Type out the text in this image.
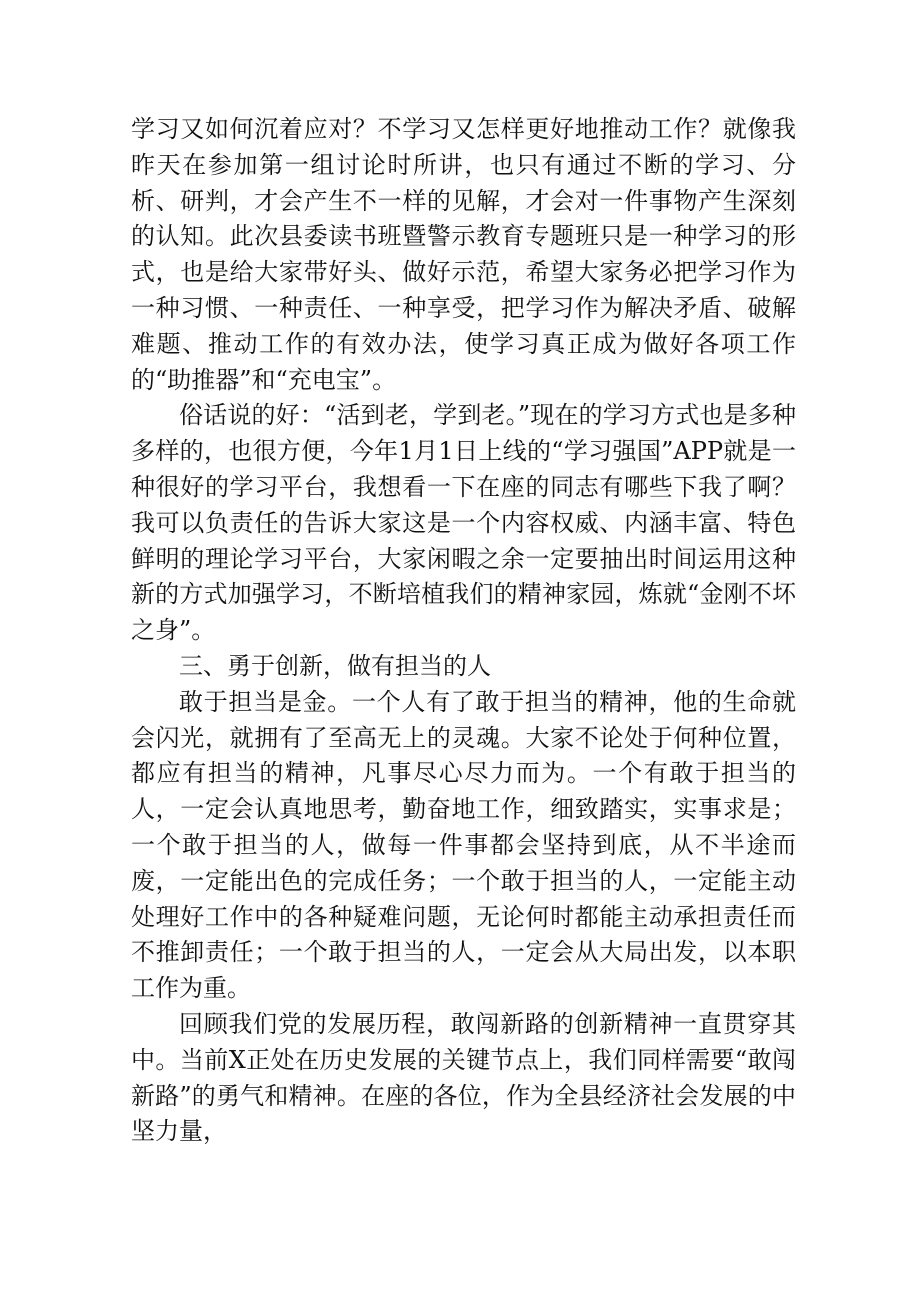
学习又如何沉着应对？不学习又怎样更好地推动工作？就像我昨天在参加第一组讨论时所讲，也只有通过不断的学习、分析、研判，才会产生不一样的见解，才会对一件事物产生深刻的认知。此次县委读书班暨警示教育专题班只是一种学习的形式，也是给大家带好头、做好示范，希望大家务必把学习作为一种习惯、一种责任、一种享受，把学习作为解决矛盾、破解难题、推动工作的有效办法，使学习真正成为做好各项工作的“助推器”和“充电宝”。

俗话说的好：“活到老，学到老。”现在的学习方式也是多种多样的，也很方便，今年1月1日上线的“学习强国”APP就是一种很好的学习平台，我想看一下在座的同志有哪些下我了啊？我可以负责任的告诉大家这是一个内容权威、内涵丰富、特色鲜明的理论学习平台，大家闲暇之余一定要抽出时间运用这种新的方式加强学习，不断培植我们的精神家园，炼就“金刚不坏之身”。

三、勇于创新，做有担当的人

敢于担当是金。一个人有了敢于担当的精神，他的生命就会闪光，就拥有了至高无上的灵魂。大家不论处于何种位置，都应有担当的精神，凡事尽心尽力而为。一个有敢于担当的人，一定会认真地思考，勤奋地工作，细致踏实，实事求是；一个敢于担当的人，做每一件事都会坚持到底，从不半途而废，一定能出色的完成任务；一个敢于担当的人，一定能主动处理好工作中的各种疑难问题，无论何时都能主动承担责任而不推卸责任；一个敢于担当的人，一定会从大局出发，以本职工作为重。

回顾我们党的发展历程，敢闯新路的创新精神一直贯穿其中。当前X正处在历史发展的关键节点上，我们同样需要“敢闯新路”的勇气和精神。在座的各位，作为全县经济社会发展的中坚力量，
